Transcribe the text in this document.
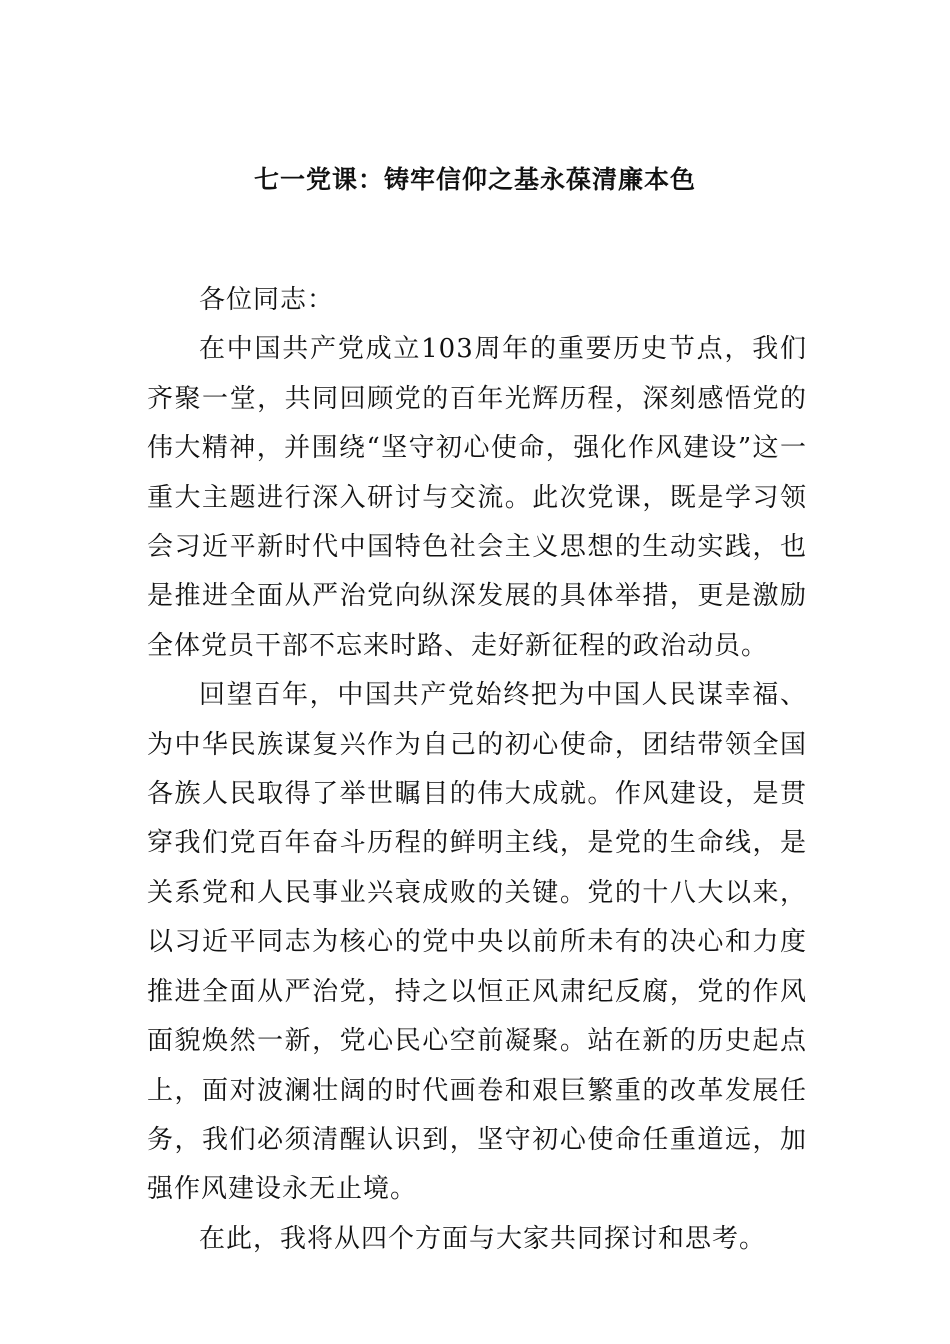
七一党课：铸牢信仰之基永葆清廉本色

各位同志：

在中国共产党成立103周年的重要历史节点，我们齐聚一堂，共同回顾党的百年光辉历程，深刻感悟党的伟大精神，并围绕“坚守初心使命，强化作风建设”这一重大主题进行深入研讨与交流。此次党课，既是学习领会习近平新时代中国特色社会主义思想的生动实践，也是推进全面从严治党向纵深发展的具体举措，更是激励全体党员干部不忘来时路、走好新征程的政治动员。

回望百年，中国共产党始终把为中国人民谋幸福、为中华民族谋复兴作为自己的初心使命，团结带领全国各族人民取得了举世瞩目的伟大成就。作风建设，是贯穿我们党百年奋斗历程的鲜明主线，是党的生命线，是关系党和人民事业兴衰成败的关键。党的十八大以来，以习近平同志为核心的党中央以前所未有的决心和力度推进全面从严治党，持之以恒正风肃纪反腐，党的作风面貌焕然一新，党心民心空前凝聚。站在新的历史起点上，面对波澜壮阔的时代画卷和艰巨繁重的改革发展任务，我们必须清醒认识到，坚守初心使命任重道远，加强作风建设永无止境。

在此，我将从四个方面与大家共同探讨和思考。
